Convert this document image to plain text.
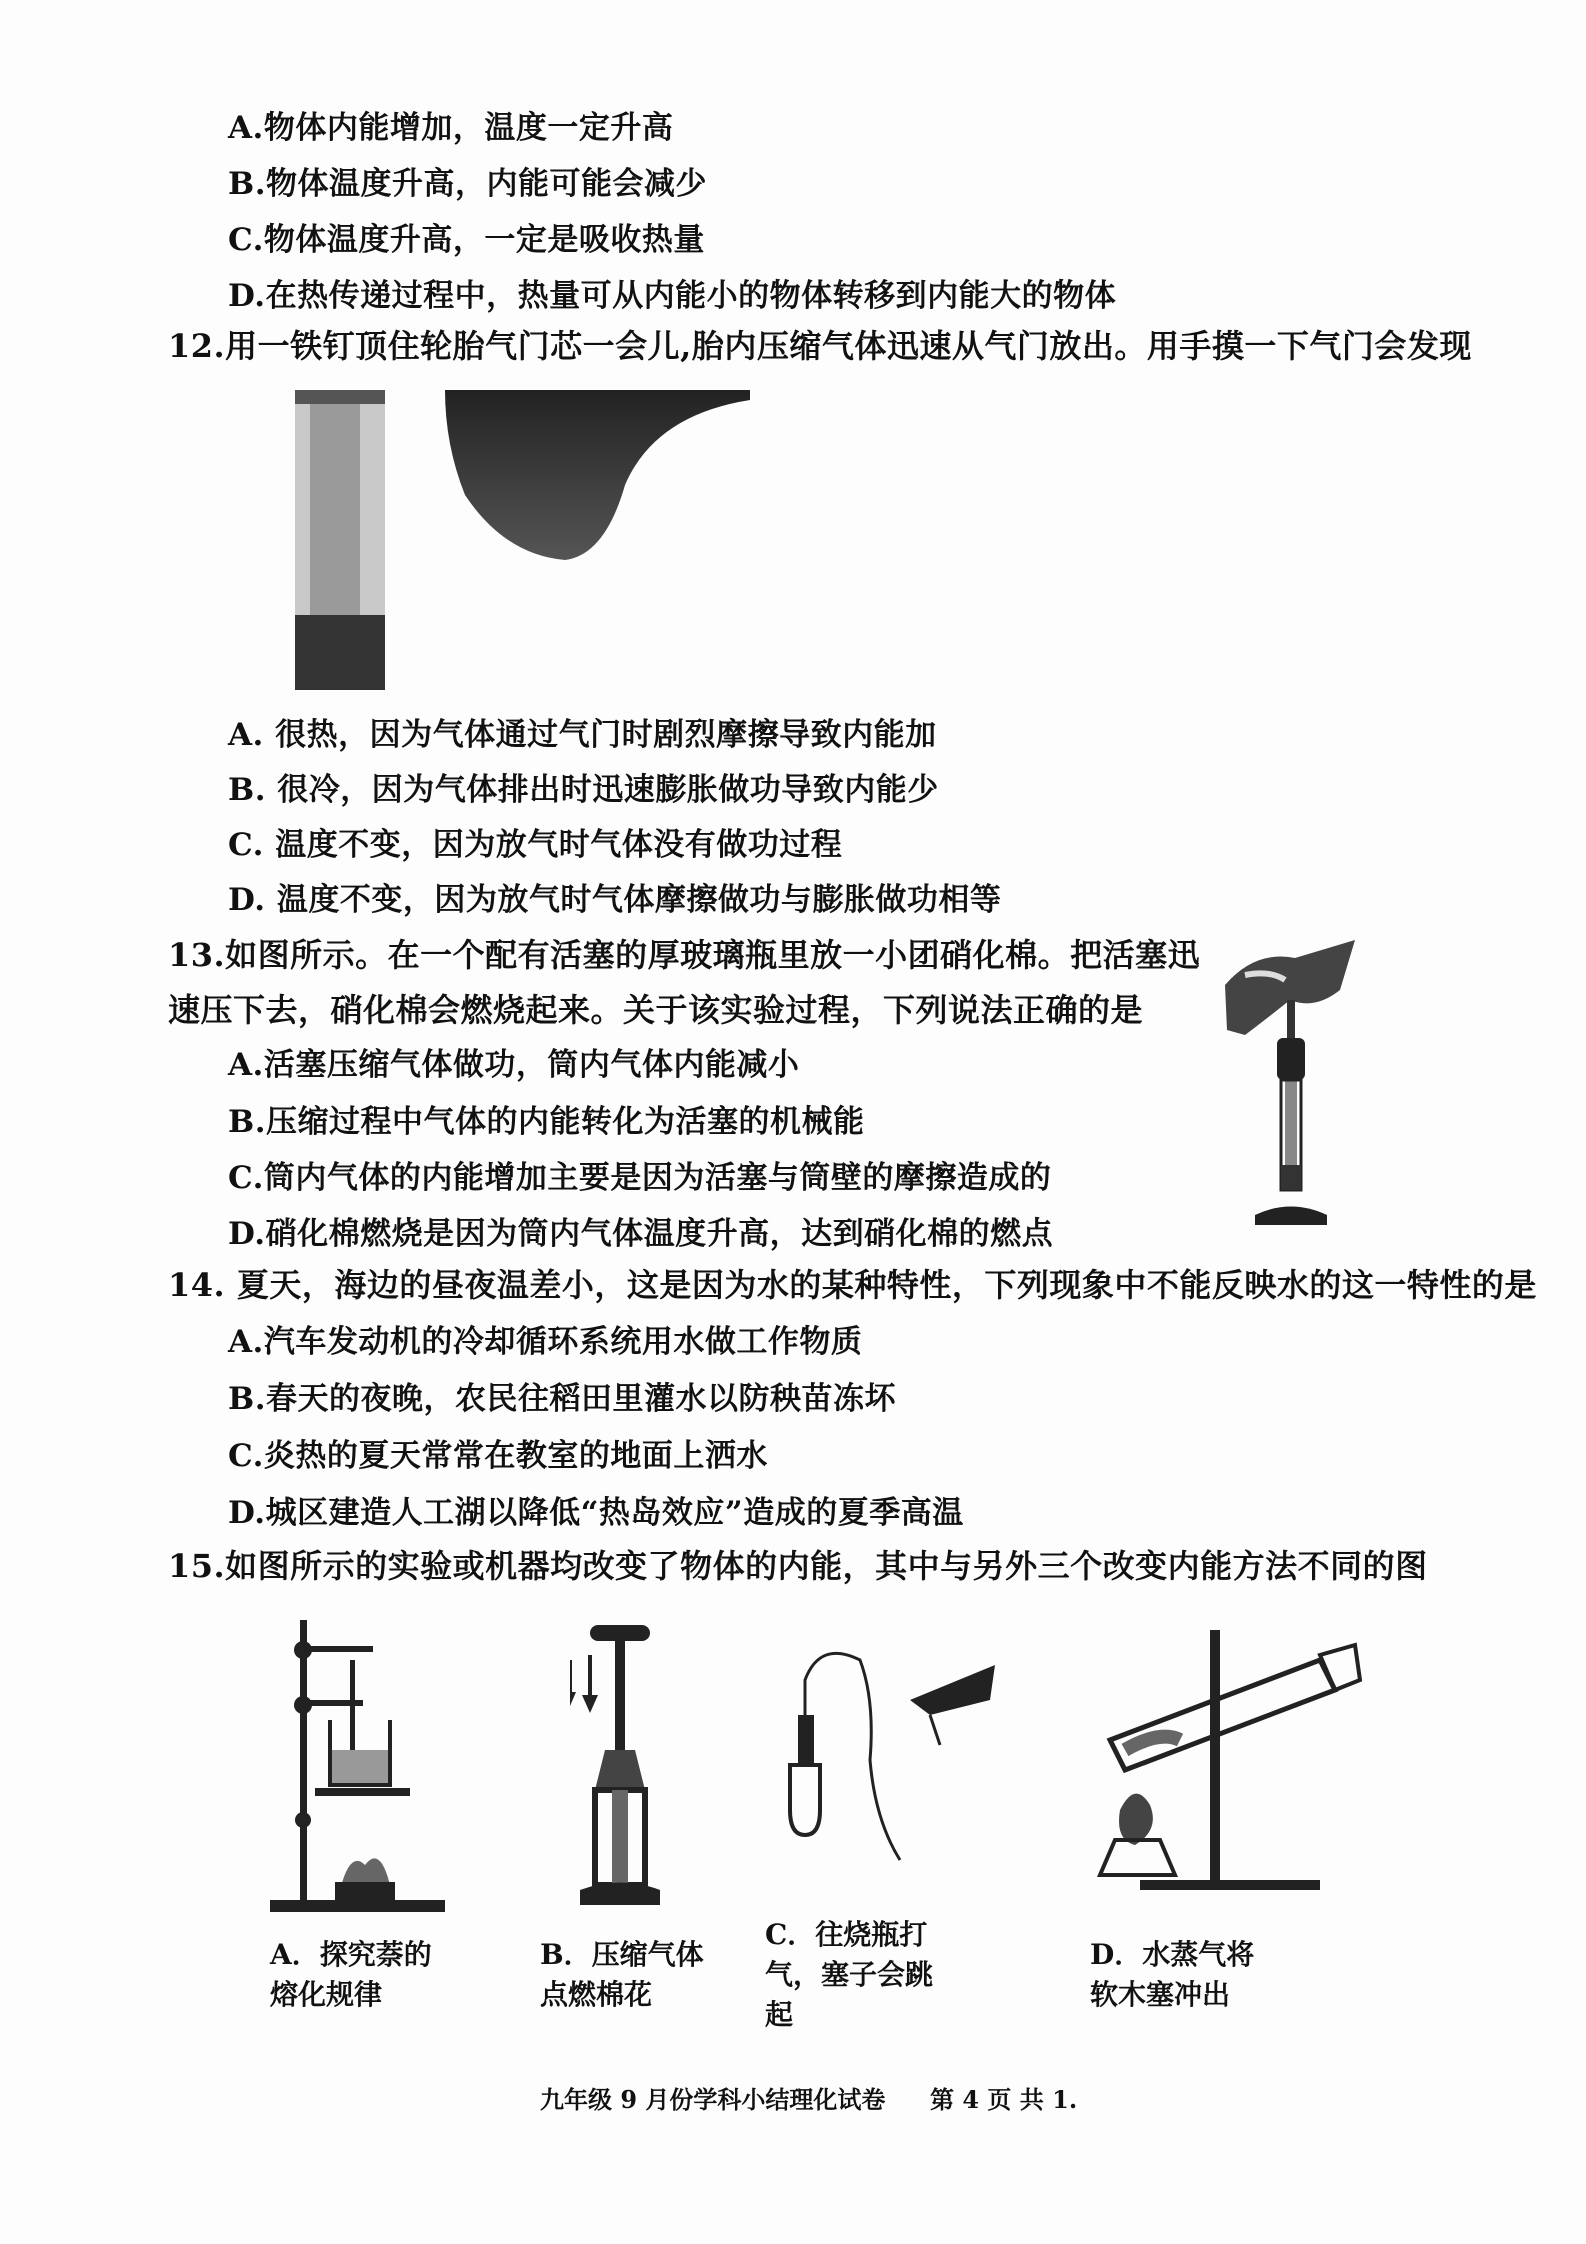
A.物体内能增加，温度一定升高
B.物体温度升高，内能可能会减少
C.物体温度升高，一定是吸收热量
D.在热传递过程中，热量可从内能小的物体转移到内能大的物体
12.用一铁钉顶住轮胎气门芯一会儿,胎内压缩气体迅速从气门放出。用手摸一下气门会发现
A. 很热，因为气体通过气门时剧烈摩擦导致内能加
B. 很冷，因为气体排出时迅速膨胀做功导致内能少
C. 温度不变，因为放气时气体没有做功过程
D. 温度不变，因为放气时气体摩擦做功与膨胀做功相等
13.如图所示。在一个配有活塞的厚玻璃瓶里放一小团硝化棉。把活塞迅
速压下去，硝化棉会燃烧起来。关于该实验过程，下列说法正确的是
A.活塞压缩气体做功，筒内气体内能减小
B.压缩过程中气体的内能转化为活塞的机械能
C.筒内气体的内能增加主要是因为活塞与筒壁的摩擦造成的
D.硝化棉燃烧是因为筒内气体温度升高，达到硝化棉的燃点
14. 夏天，海边的昼夜温差小，这是因为水的某种特性，下列现象中不能反映水的这一特性的是
A.汽车发动机的冷却循环系统用水做工作物质
B.春天的夜晚，农民往稻田里灌水以防秧苗冻坏
C.炎热的夏天常常在教室的地面上洒水
D.城区建造人工湖以降低“热岛效应”造成的夏季高温
15.如图所示的实验或机器均改变了物体的内能，其中与另外三个改变内能方法不同的图
A．探究萘的
熔化规律
B．压缩气体
点燃棉花
C．往烧瓶打
气，塞子会跳
起
D．水蒸气将
软木塞冲出
九年级 9 月份学科小结理化试卷 第 4 页 共 1.
